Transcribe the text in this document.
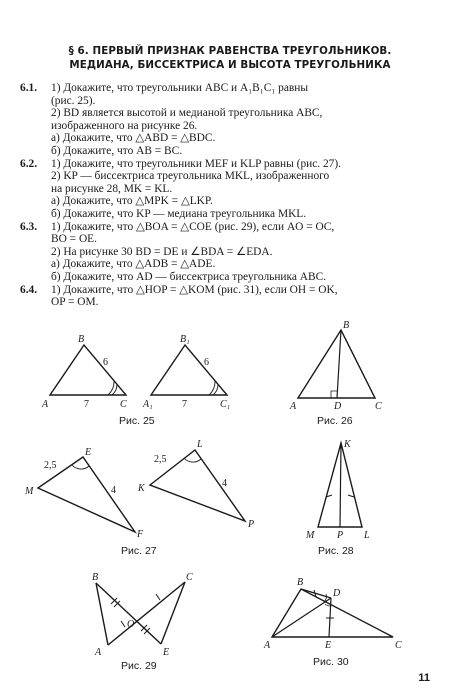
§ 6. ПЕРВЫЙ ПРИЗНАК РАВЕНСТВА ТРЕУГОЛЬНИКОВ.
МЕДИАНА, БИССЕКТРИСА И ВЫСОТА ТРЕУГОЛЬНИКА
6.1.	1) Докажите, что треугольники ABC и A₁B₁C₁ равны
(рис. 25).
2) BD является высотой и медианой треугольника ABC,
изображенного на рисунке 26.
а) Докажите, что △ABD = △BDC.
б) Докажите, что AB = BC.
6.2.	1) Докажите, что треугольники MEF и KLP равны (рис. 27).
2) KP — биссектриса треугольника MKL, изображенного
на рисунке 28, MK = KL.
а) Докажите, что △MPK = △LKP.
б) Докажите, что KP — медиана треугольника MKL.
6.3.	1) Докажите, что △BOA = △COE (рис. 29), если AO = OC,
BO = OE.
2) На рисунке 30 BD = DE и ∠BDA = ∠EDA.
а) Докажите, что △ADB = △ADE.
б) Докажите, что AD — биссектриса треугольника ABC.
6.4.	1) Докажите, что △HOP = △KOM (рис. 31), если OH = OK,
OP = OM.
B
A	C
6
7
B₁
A₁	C₁
6
7
Рис. 25
B
A	D	C
Рис. 26
M
E
F
2,5
4 K
L
P
2,5
4
Рис. 27
K
M P L
Рис. 28
B	C
A	E
O
Рис. 29
B
D
A	E	C
Рис. 30
11
